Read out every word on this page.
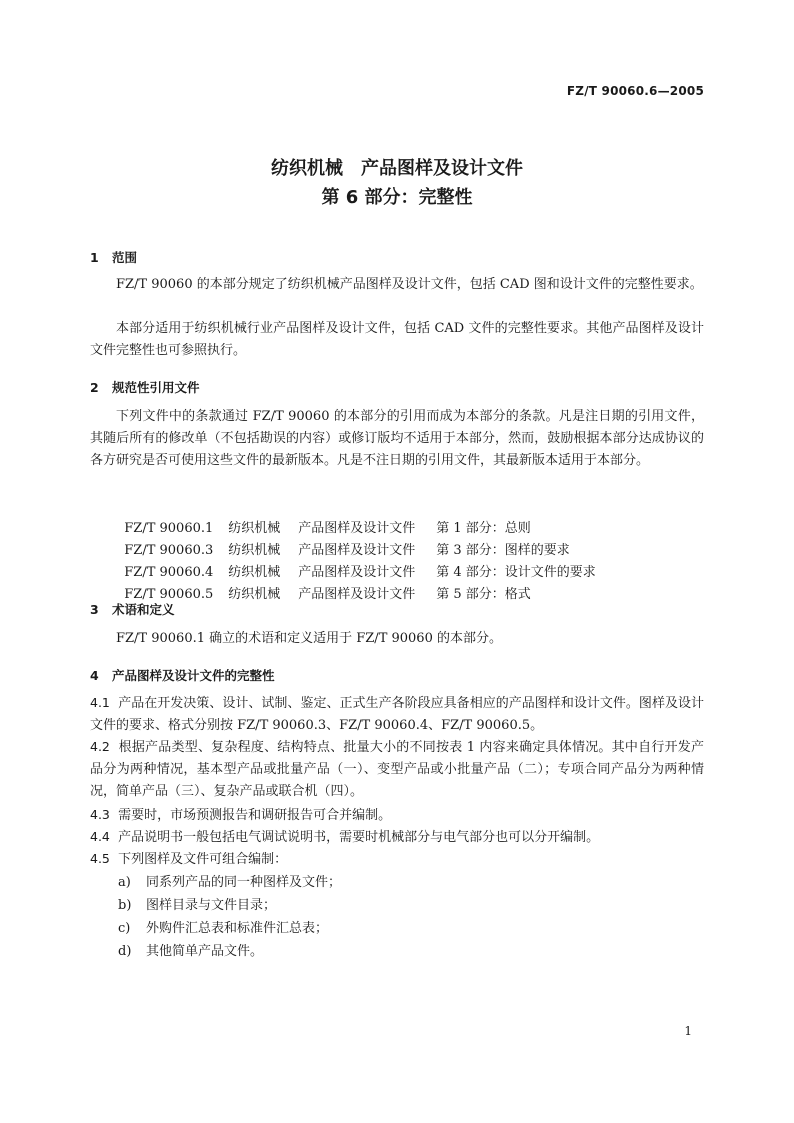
FZ/T 90060.6—2005
纺织机械　产品图样及设计文件
第 6 部分：完整性
1 范围
FZ/T 90060 的本部分规定了纺织机械产品图样及设计文件，包括 CAD 图和设计文件的完整性要求。
本部分适用于纺织机械行业产品图样及设计文件，包括 CAD 文件的完整性要求。其他产品图样及设计文件完整性也可参照执行。
2 规范性引用文件
下列文件中的条款通过 FZ/T 90060 的本部分的引用而成为本部分的条款。凡是注日期的引用文件，其随后所有的修改单（不包括勘误的内容）或修订版均不适用于本部分，然而，鼓励根据本部分达成协议的各方研究是否可使用这些文件的最新版本。凡是不注日期的引用文件，其最新版本适用于本部分。

FZ/T 90060.1 纺织机械 产品图样及设计文件 第 1 部分：总则

FZ/T 90060.3 纺织机械 产品图样及设计文件 第 3 部分：图样的要求

FZ/T 90060.4 纺织机械 产品图样及设计文件 第 4 部分：设计文件的要求

FZ/T 90060.5 纺织机械 产品图样及设计文件 第 5 部分：格式

3 术语和定义
FZ/T 90060.1 确立的术语和定义适用于 FZ/T 90060 的本部分。
4 产品图样及设计文件的完整性
4.1 产品在开发决策、设计、试制、鉴定、正式生产各阶段应具备相应的产品图样和设计文件。图样及设计文件的要求、格式分别按 FZ/T 90060.3、FZ/T 90060.4、FZ/T 90060.5。
4.2 根据产品类型、复杂程度、结构特点、批量大小的不同按表 1 内容来确定具体情况。其中自行开发产品分为两种情况，基本型产品或批量产品（一）、变型产品或小批量产品（二）；专项合同产品分为两种情况，简单产品（三）、复杂产品或联合机（四）。
4.3 需要时，市场预测报告和调研报告可合并编制。
4.4 产品说明书一般包括电气调试说明书，需要时机械部分与电气部分也可以分开编制。
4.5 下列图样及文件可组合编制：
a) 同系列产品的同一种图样及文件；
b) 图样目录与文件目录；
c) 外购件汇总表和标准件汇总表；
d) 其他简单产品文件。
1
